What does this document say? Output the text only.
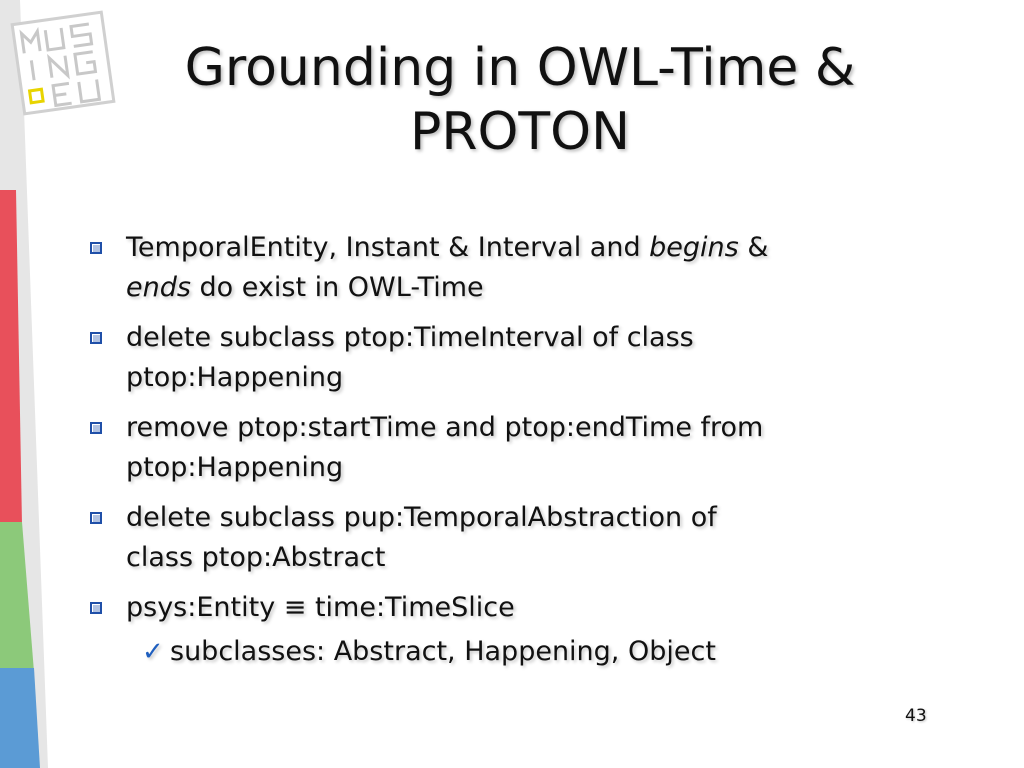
Grounding in OWL-Time &
PROTON
TemporalEntity, Instant & Interval and begins &
ends do exist in OWL-Time
delete subclass ptop:TimeInterval of class
ptop:Happening
remove ptop:startTime and ptop:endTime from
ptop:Happening
delete subclass pup:TemporalAbstraction of
class ptop:Abstract
psys:Entity ≡ time:TimeSlice
✓ subclasses: Abstract, Happening, Object
43
